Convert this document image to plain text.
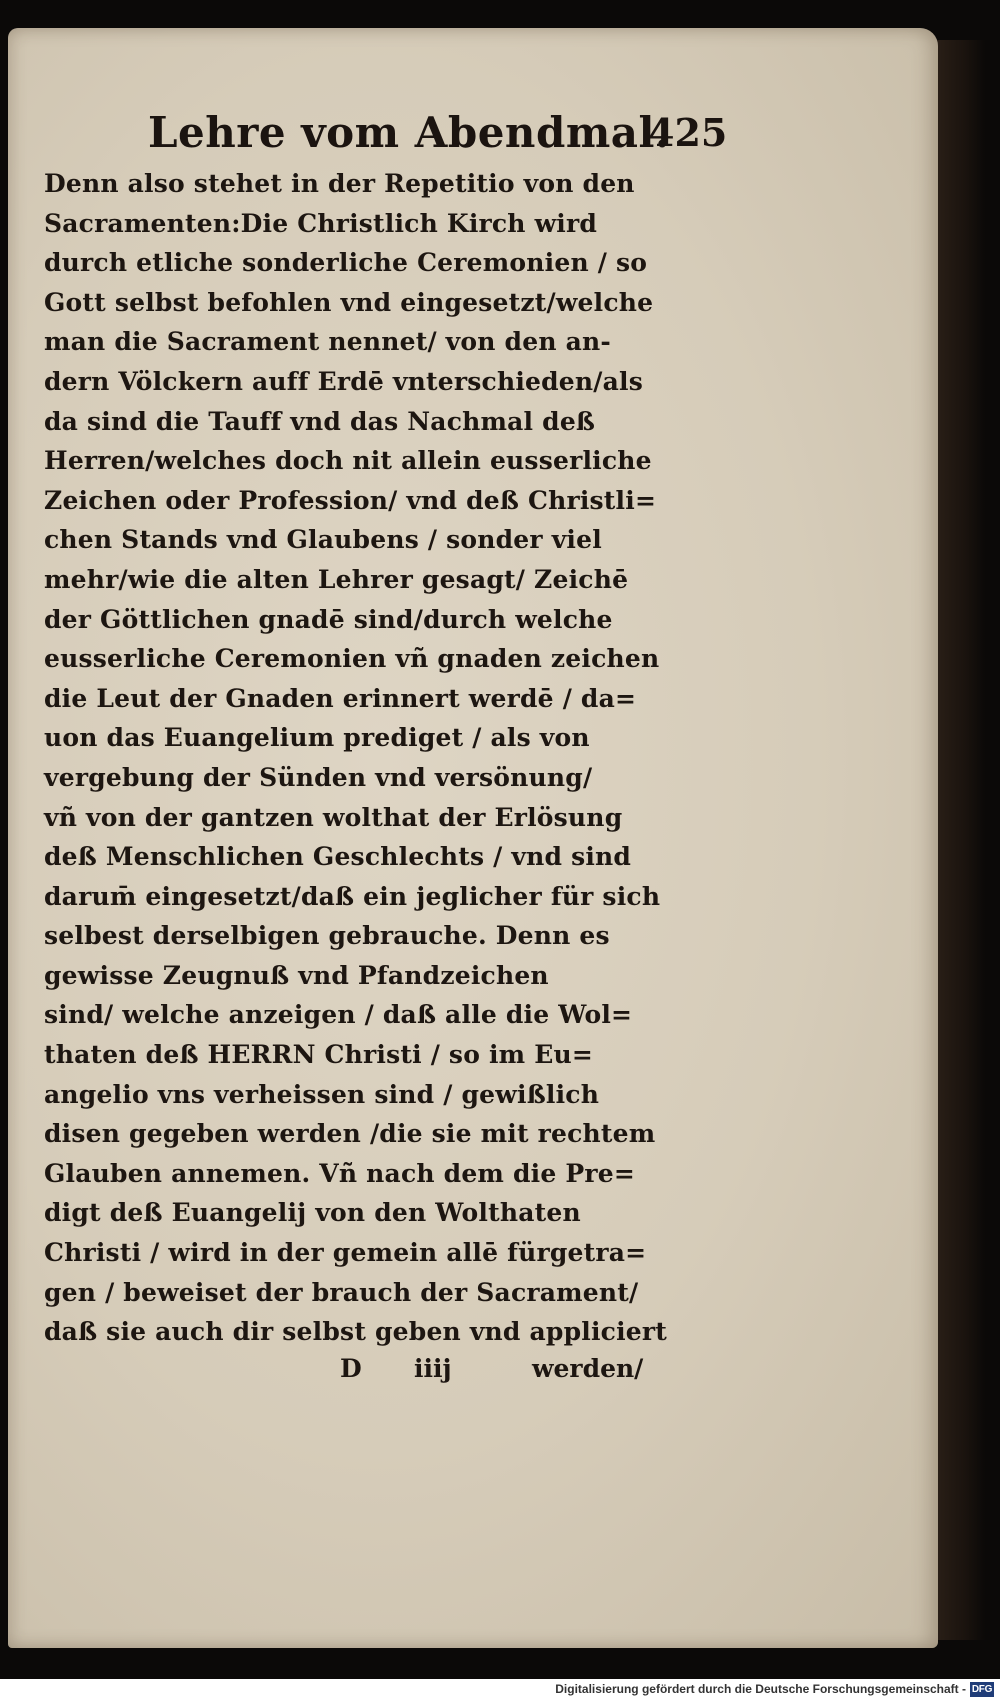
Lehre vom Abendmal.
425
Denn also stehet in der Repetitio von den
Sacramenten:Die Christlich Kirch wird
durch etliche sonderliche Ceremonien / so
Gott selbst befohlen vnd eingesetzt/welche
man die Sacrament nennet/ von den an-
dern Völckern auff Erdē vnterschieden/als
da sind die Tauff vnd das Nachmal deß
Herren/welches doch nit allein eusserliche
Zeichen oder Profession/ vnd deß Christli=
chen Stands vnd Glaubens / sonder viel
mehr/wie die alten Lehrer gesagt/ Zeichē
der Göttlichen gnadē sind/durch welche
eusserliche Ceremonien vñ gnaden zeichen
die Leut der Gnaden erinnert werdē / da=
uon das Euangelium prediget / als von
vergebung der Sünden vnd versönung/
vñ von der gantzen wolthat der Erlösung
deß Menschlichen Geschlechts / vnd sind
darum̄ eingesetzt/daß ein jeglicher für sich
selbest derselbigen gebrauche. Denn es
gewisse Zeugnuß vnd Pfandzeichen
sind/ welche anzeigen / daß alle die Wol=
thaten deß HERRN Christi / so im Eu=
angelio vns verheissen sind / gewißlich
disen gegeben werden /die sie mit rechtem
Glauben annemen. Vñ nach dem die Pre=
digt deß Euangelij von den Wolthaten
Christi / wird in der gemein allē fürgetra=
gen / beweiset der brauch der Sacrament/
daß sie auch dir selbst geben vnd appliciert
D iiij	werden/
Digitalisierung gefördert durch die Deutsche Forschungsgemeinschaft - DFG
